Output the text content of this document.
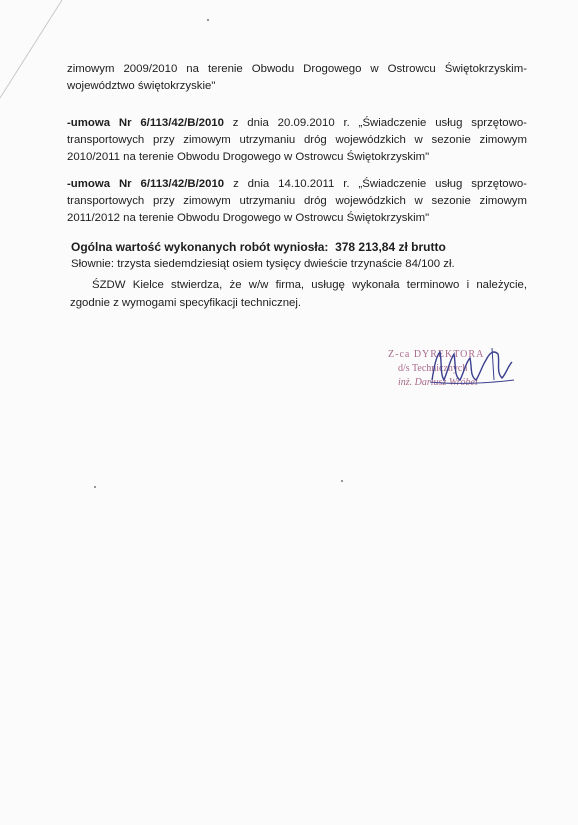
zimowym 2009/2010 na terenie Obwodu Drogowego w Ostrowcu Świętokrzyskim-
województwo świętokrzyskie"
-umowa Nr 6/113/42/B/2010 z dnia 20.09.2010 r. „Świadczenie usług sprzętowo-
transportowych przy zimowym utrzymaniu dróg wojewódzkich w sezonie zimowym
2010/2011 na terenie Obwodu Drogowego w Ostrowcu Świętokrzyskim"
-umowa Nr 6/113/42/B/2010 z dnia 14.10.2011 r. „Świadczenie usług sprzętowo-
transportowych przy zimowym utrzymaniu dróg wojewódzkich w sezonie zimowym
2011/2012 na terenie Obwodu Drogowego w Ostrowcu Świętokrzyskim"
Ogólna wartość wykonanych robót wyniosła: 378 213,84 zł brutto
Słownie: trzysta siedemdziesiąt osiem tysięcy dwieście trzynaście 84/100 zł.
ŚZDW Kielce stwierdza, że w/w firma, usługę wykonała terminowo i należycie,
zgodnie z wymogami specyfikacji technicznej.
Z-ca DYREKTORA
d/s Technicznych
inż. Dariusz Wróbel
